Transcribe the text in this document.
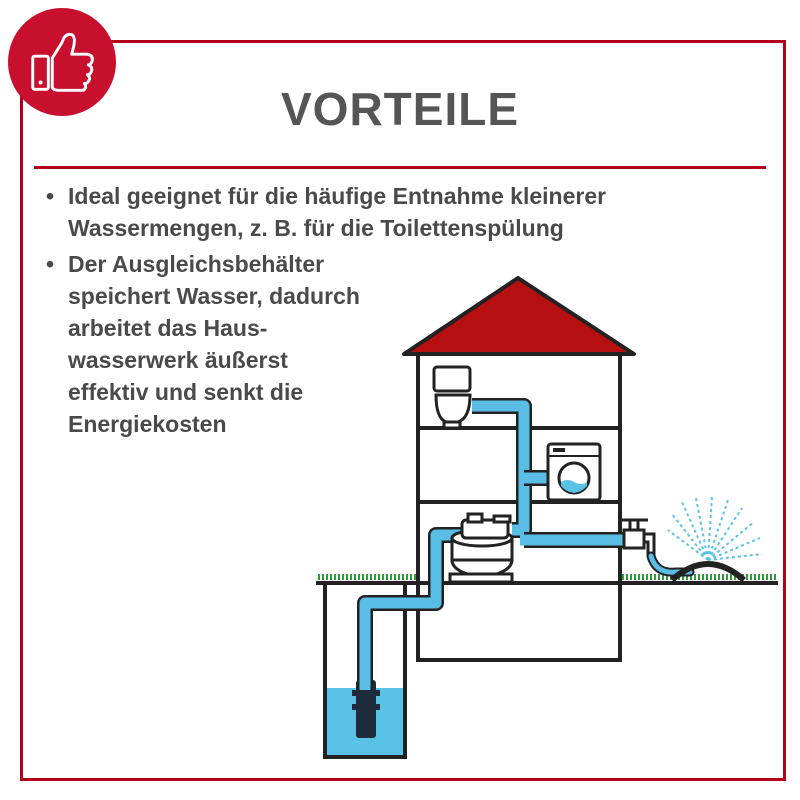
VORTEILE
• Ideal geeignet für die häufige Entnahme kleinerer
Wassermengen, z. B. für die Toilettenspülung
• Der Ausgleichsbehälter
speichert Wasser, dadurch
arbeitet das Haus-
wasserwerk äußerst
effektiv und senkt die
Energiekosten
